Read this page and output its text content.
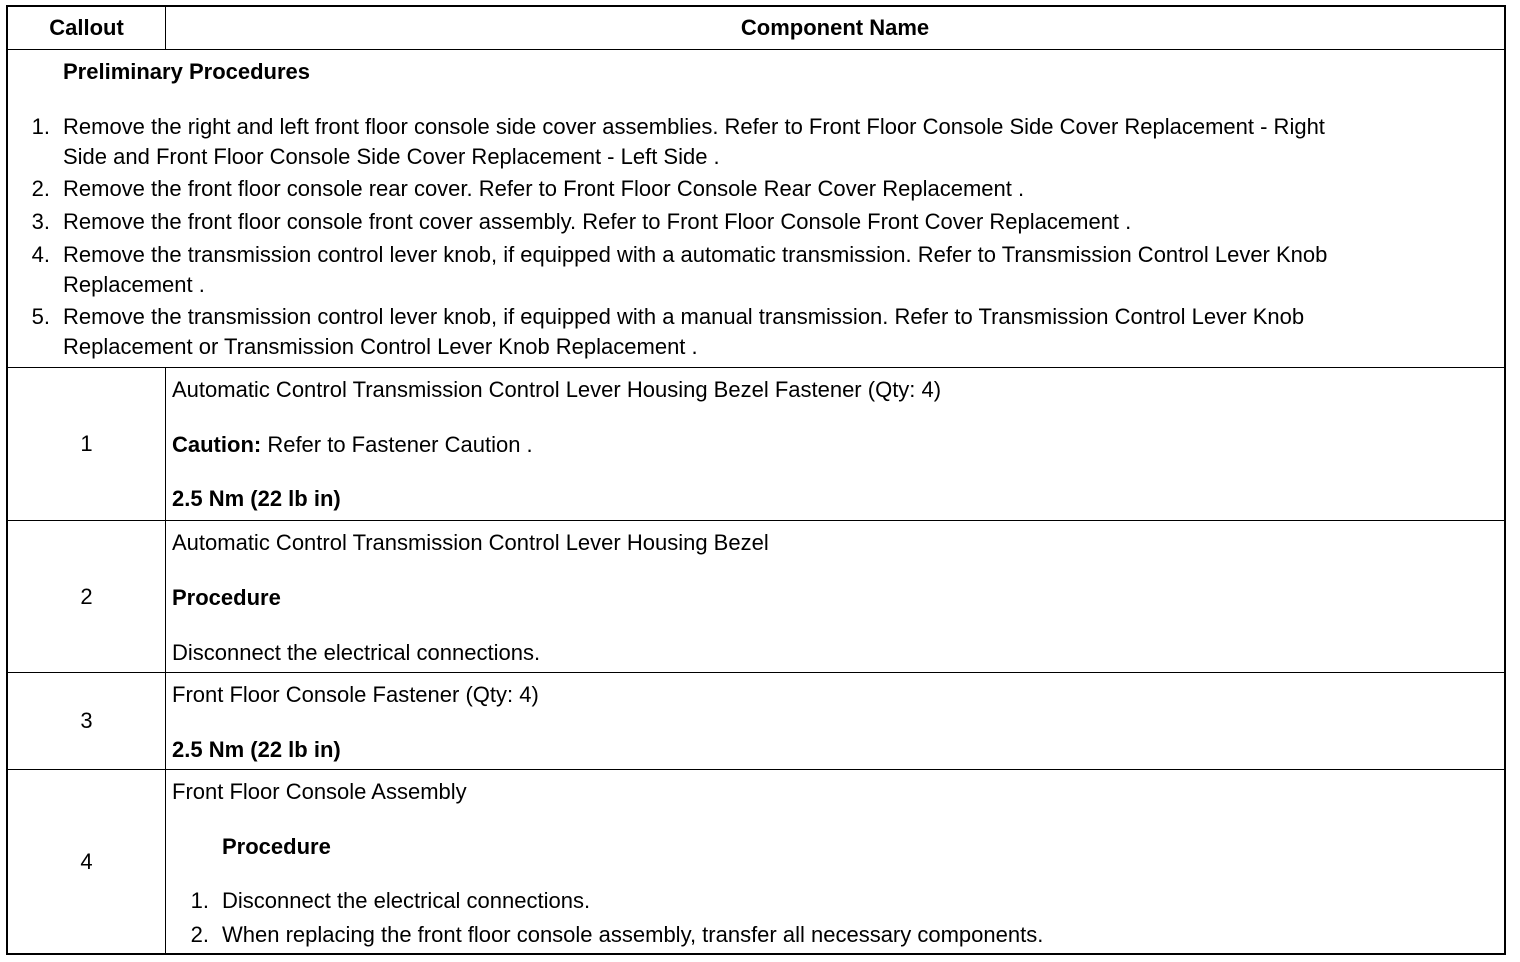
Callout	Component Name
Preliminary Procedures
1. Remove the right and left front floor console side cover assemblies. Refer to Front Floor Console Side Cover Replacement - Right
Side and Front Floor Console Side Cover Replacement - Left Side .
2. Remove the front floor console rear cover. Refer to Front Floor Console Rear Cover Replacement .
3. Remove the front floor console front cover assembly. Refer to Front Floor Console Front Cover Replacement .
4. Remove the transmission control lever knob, if equipped with a automatic transmission. Refer to Transmission Control Lever Knob
Replacement .
5. Remove the transmission control lever knob, if equipped with a manual transmission. Refer to Transmission Control Lever Knob
Replacement or Transmission Control Lever Knob Replacement .
1
Automatic Control Transmission Control Lever Housing Bezel Fastener (Qty: 4)
Caution: Refer to Fastener Caution .
2.5 Nm (22 lb in)
2
Automatic Control Transmission Control Lever Housing Bezel
Procedure
Disconnect the electrical connections.
3
Front Floor Console Fastener (Qty: 4)
2.5 Nm (22 lb in)
4
Front Floor Console Assembly
Procedure
1. Disconnect the electrical connections.
2. When replacing the front floor console assembly, transfer all necessary components.
